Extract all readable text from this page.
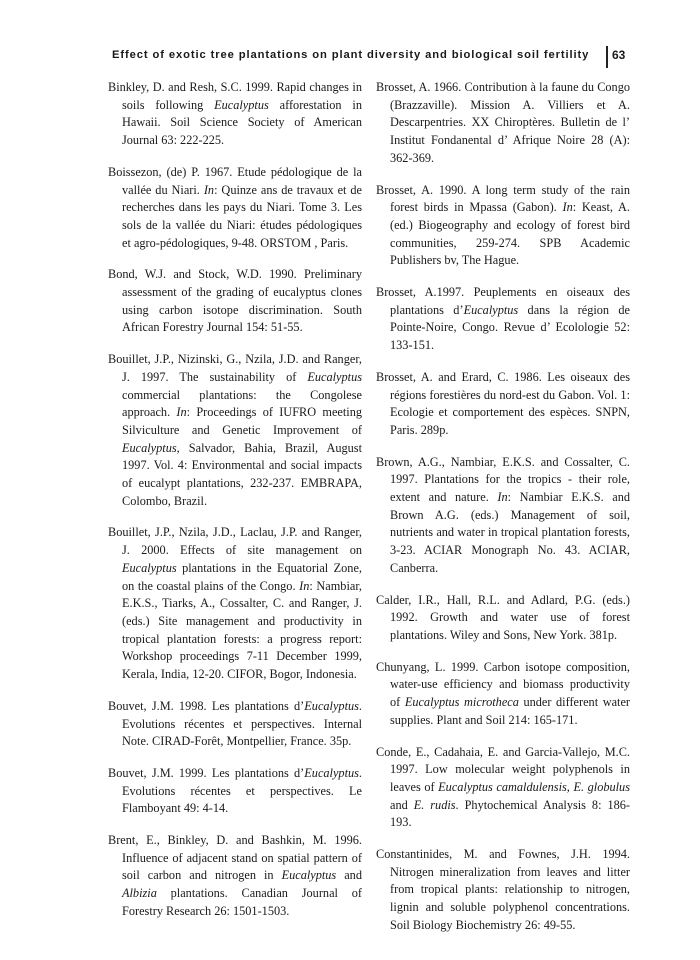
Effect of exotic tree plantations on plant diversity and biological soil fertility 63

Binkley, D. and Resh, S.C. 1999. Rapid changes in soils following Eucalyptus afforestation in Hawaii. Soil Science Society of American Journal 63: 222-225.

Boissezon, (de) P. 1967. Etude pédologique de la vallée du Niari. In: Quinze ans de travaux et de recherches dans les pays du Niari. Tome 3. Les sols de la vallée du Niari: études pédologiques et agro-pédologiques, 9-48. ORSTOM , Paris.

Bond, W.J. and Stock, W.D. 1990. Preliminary assessment of the grading of eucalyptus clones using carbon isotope discrimination. South African Forestry Journal 154: 51-55.

Bouillet, J.P., Nizinski, G., Nzila, J.D. and Ranger, J. 1997. The sustainability of Eucalyptus commercial plantations: the Congolese approach. In: Proceedings of IUFRO meeting Silviculture and Genetic Improvement of Eucalyptus, Salvador, Bahia, Brazil, August 1997. Vol. 4: Environmental and social impacts of eucalypt plantations, 232-237. EMBRAPA, Colombo, Brazil.

Bouillet, J.P., Nzila, J.D., Laclau, J.P. and Ranger, J. 2000. Effects of site management on Eucalyptus plantations in the Equatorial Zone, on the coastal plains of the Congo. In: Nambiar, E.K.S., Tiarks, A., Cossalter, C. and Ranger, J. (eds.) Site management and productivity in tropical plantation forests: a progress report: Workshop proceedings 7-11 December 1999, Kerala, India, 12-20. CIFOR, Bogor, Indonesia.

Bouvet, J.M. 1998. Les plantations d’Eucalyptus. Evolutions récentes et perspectives. Internal Note. CIRAD-Forêt, Montpellier, France. 35p.

Bouvet, J.M. 1999. Les plantations d’Eucalyptus. Evolutions récentes et perspectives. Le Flamboyant 49: 4-14.

Brent, E., Binkley, D. and Bashkin, M. 1996. Influence of adjacent stand on spatial pattern of soil carbon and nitrogen in Eucalyptus and Albizia plantations. Canadian Journal of Forestry Research 26: 1501-1503.

Brosset, A. 1966. Contribution à la faune du Congo (Brazzaville). Mission A. Villiers et A. Descarpentries. XX Chiroptères. Bulletin de l’ Institut Fondanental d’ Afrique Noire 28 (A): 362-369.

Brosset, A. 1990. A long term study of the rain forest birds in Mpassa (Gabon). In: Keast, A. (ed.) Biogeography and ecology of forest bird communities, 259-274. SPB Academic Publishers bv, The Hague.

Brosset, A.1997. Peuplements en oiseaux des plantations d’Eucalyptus dans la région de Pointe-Noire, Congo. Revue d’ Ecolologie 52: 133-151.

Brosset, A. and Erard, C. 1986. Les oiseaux des régions forestières du nord-est du Gabon. Vol. 1: Ecologie et comportement des espèces. SNPN, Paris. 289p.

Brown, A.G., Nambiar, E.K.S. and Cossalter, C. 1997. Plantations for the tropics - their role, extent and nature. In: Nambiar E.K.S. and Brown A.G. (eds.) Management of soil, nutrients and water in tropical plantation forests, 3-23. ACIAR Monograph No. 43. ACIAR, Canberra.

Calder, I.R., Hall, R.L. and Adlard, P.G. (eds.) 1992. Growth and water use of forest plantations. Wiley and Sons, New York. 381p.

Chunyang, L. 1999. Carbon isotope composition, water-use efficiency and biomass productivity of Eucalyptus microtheca under different water supplies. Plant and Soil 214: 165-171.

Conde, E., Cadahaia, E. and Garcia-Vallejo, M.C. 1997. Low molecular weight polyphenols in leaves of Eucalyptus camaldulensis, E. globulus and E. rudis. Phytochemical Analysis 8: 186-193.

Constantinides, M. and Fownes, J.H. 1994. Nitrogen mineralization from leaves and litter from tropical plants: relationship to nitrogen, lignin and soluble polyphenol concentrations. Soil Biology Biochemistry 26: 49-55.
